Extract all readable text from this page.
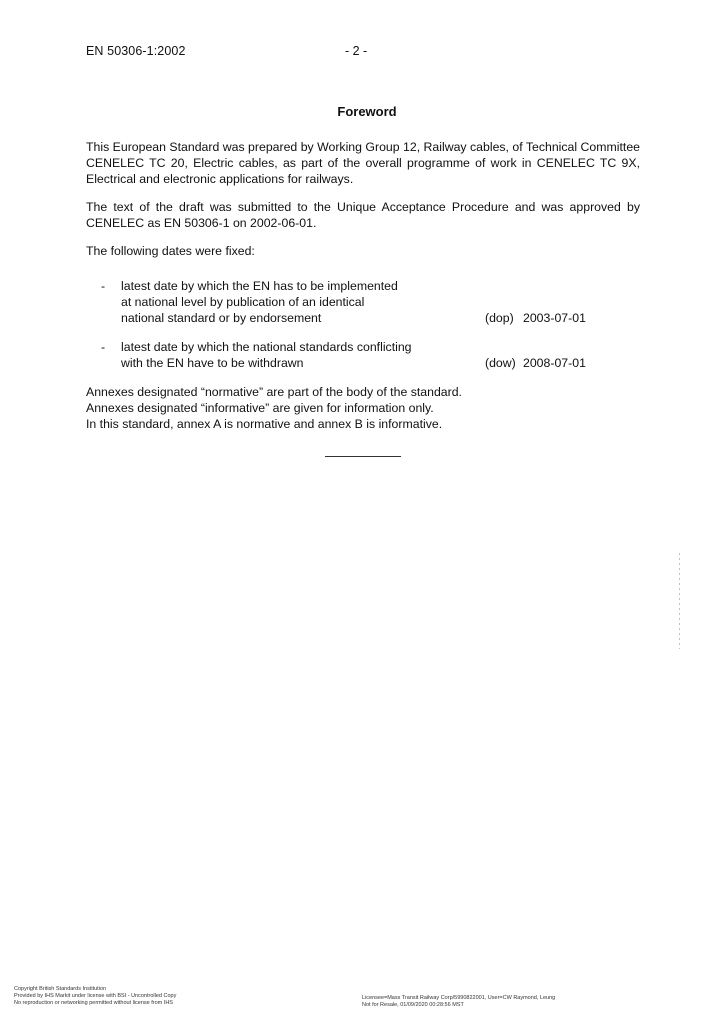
EN 50306-1:2002	- 2 -
Foreword
This European Standard was prepared by Working Group 12, Railway cables, of Technical Committee CENELEC TC 20, Electric cables, as part of the overall programme of work in CENELEC TC 9X, Electrical and electronic applications for railways.
The text of the draft was submitted to the Unique Acceptance Procedure and was approved by CENELEC as EN 50306-1 on 2002-06-01.
The following dates were fixed:
- latest date by which the EN has to be implemented
at national level by publication of an identical
national standard or by endorsement	(dop) 2003-07-01
- latest date by which the national standards conflicting
with the EN have to be withdrawn	(dow) 2008-07-01
Annexes designated “normative” are part of the body of the standard.
Annexes designated “informative” are given for information only.
In this standard, annex A is normative and annex B is informative.
Copyright British Standards Institution
Provided by IHS Markit under license with BSI - Uncontrolled Copy
No reproduction or networking permitted without license from IHS
Licensee=Mass Transit Railway Corp/5990822001, User=CW Raymond, Leung
Not for Resale, 01/09/2020 00:28:56 MST
